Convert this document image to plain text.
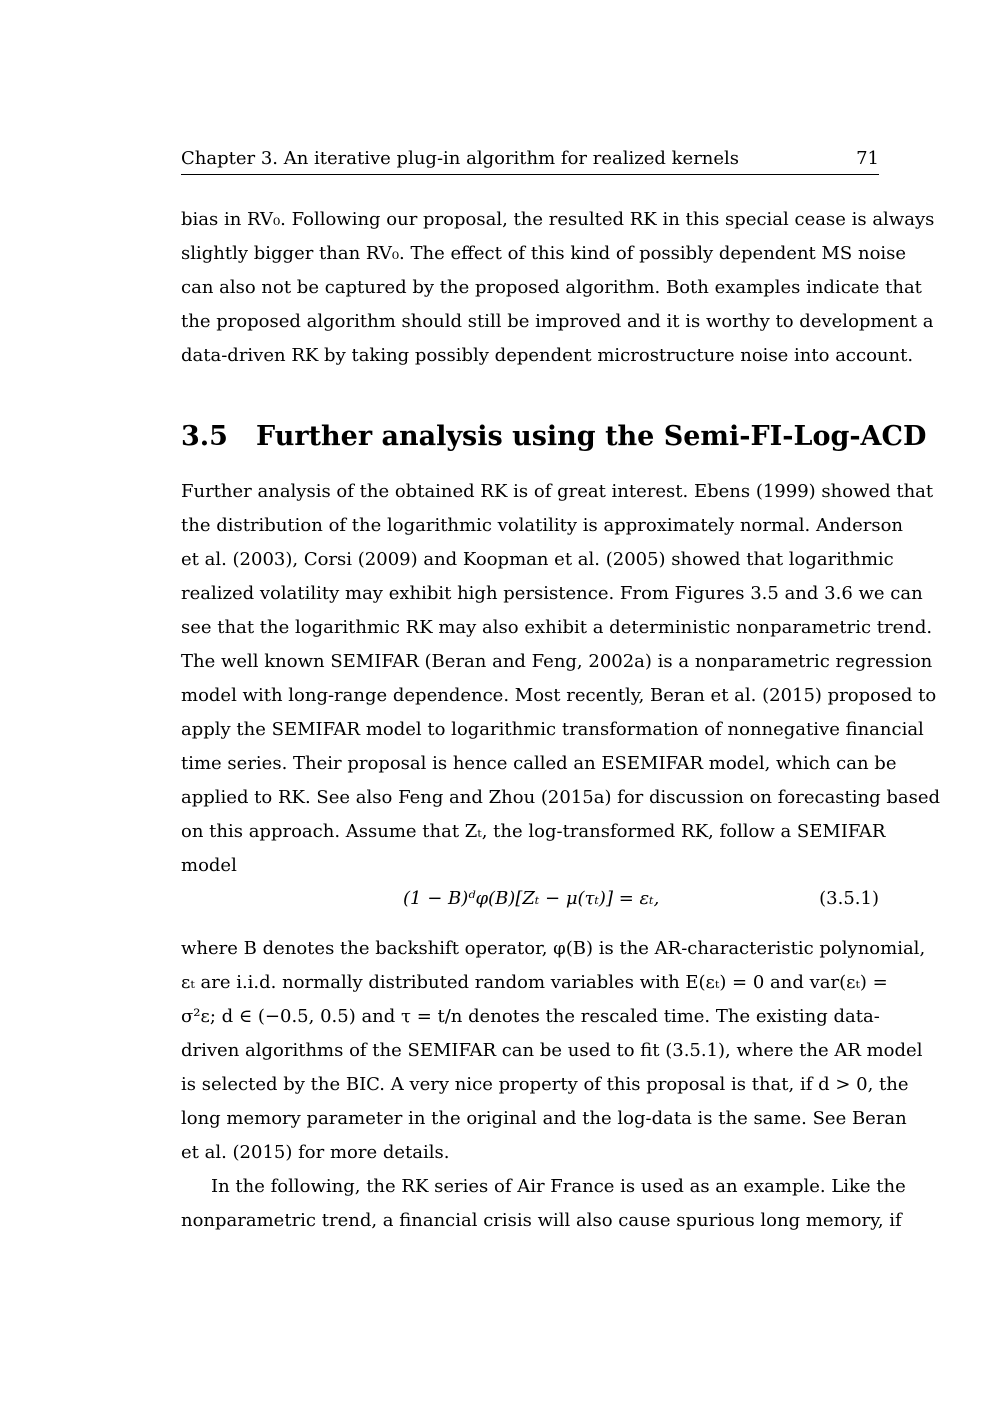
Chapter 3. An iterative plug-in algorithm for realized kernels	71
bias in RV₀. Following our proposal, the resulted RK in this special cease is always
slightly bigger than RV₀. The effect of this kind of possibly dependent MS noise
can also not be captured by the proposed algorithm. Both examples indicate that
the proposed algorithm should still be improved and it is worthy to development a
data-driven RK by taking possibly dependent microstructure noise into account.
3.5 Further analysis using the Semi-FI-Log-ACD
Further analysis of the obtained RK is of great interest. Ebens (1999) showed that
the distribution of the logarithmic volatility is approximately normal. Anderson
et al. (2003), Corsi (2009) and Koopman et al. (2005) showed that logarithmic
realized volatility may exhibit high persistence. From Figures 3.5 and 3.6 we can
see that the logarithmic RK may also exhibit a deterministic nonparametric trend.
The well known SEMIFAR (Beran and Feng, 2002a) is a nonparametric regression
model with long-range dependence. Most recently, Beran et al. (2015) proposed to
apply the SEMIFAR model to logarithmic transformation of nonnegative financial
time series. Their proposal is hence called an ESEMIFAR model, which can be
applied to RK. See also Feng and Zhou (2015a) for discussion on forecasting based
on this approach. Assume that Zₜ, the log-transformed RK, follow a SEMIFAR
model
(1 − B)ᵈφ(B)[Zₜ − μ(τₜ)] = εₜ,	(3.5.1)
where B denotes the backshift operator, φ(B) is the AR-characteristic polynomial,
εₜ are i.i.d. normally distributed random variables with E(εₜ) = 0 and var(εₜ) =
σ²ε; d ∈ (−0.5, 0.5) and τ = t/n denotes the rescaled time. The existing data-
driven algorithms of the SEMIFAR can be used to fit (3.5.1), where the AR model
is selected by the BIC. A very nice property of this proposal is that, if d > 0, the
long memory parameter in the original and the log-data is the same. See Beran
et al. (2015) for more details.
In the following, the RK series of Air France is used as an example. Like the
nonparametric trend, a financial crisis will also cause spurious long memory, if
